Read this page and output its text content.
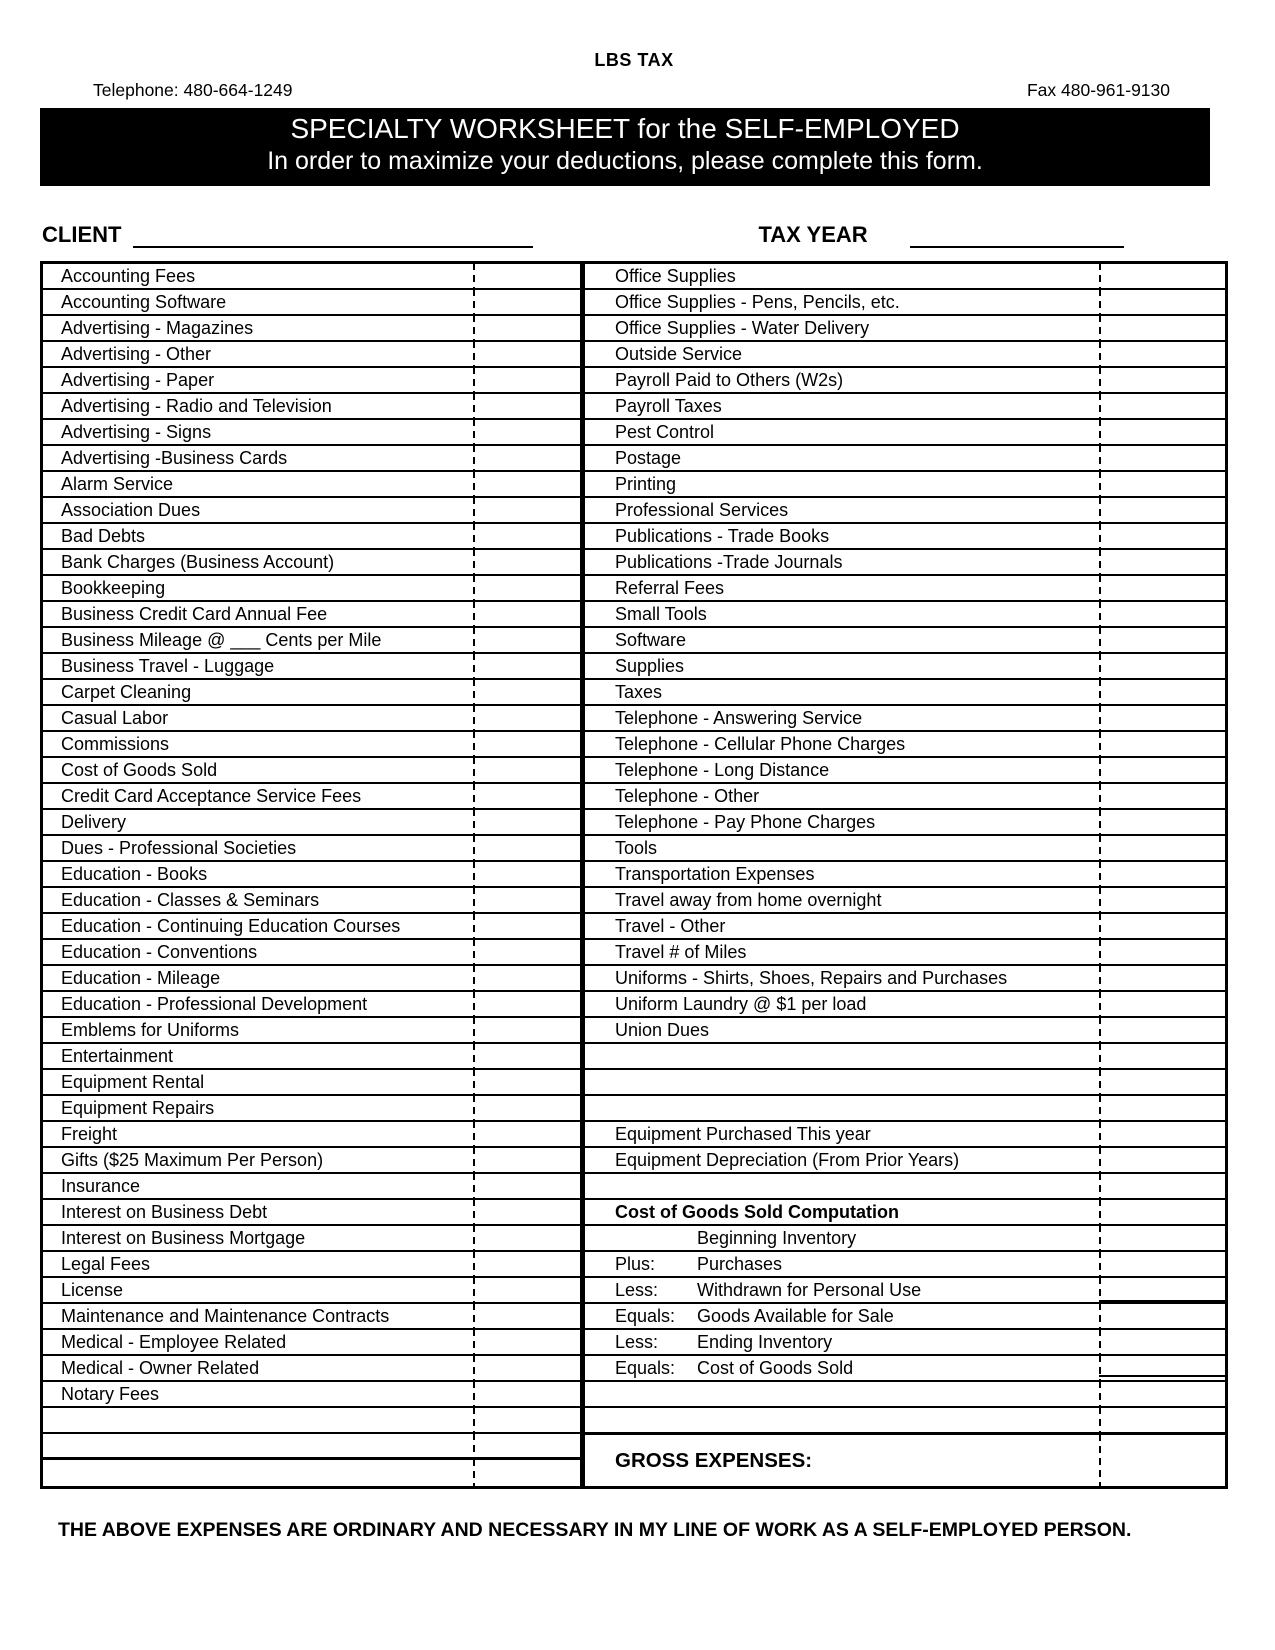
LBS TAX
Telephone: 480-664-1249	Fax 480-961-9130
SPECIALTY WORKSHEET for the SELF-EMPLOYED
In order to maximize your deductions, please complete this form.
CLIENT	TAX YEAR
Accounting Fees
Accounting Software
Advertising - Magazines
Advertising - Other
Advertising - Paper
Advertising - Radio and Television
Advertising - Signs
Advertising -Business Cards
Alarm Service
Association Dues
Bad Debts
Bank Charges (Business Account)
Bookkeeping
Business Credit Card Annual Fee
Business Mileage @ ___ Cents per Mile
Business Travel - Luggage
Carpet Cleaning
Casual Labor
Commissions
Cost of Goods Sold
Credit Card Acceptance Service Fees
Delivery
Dues - Professional Societies
Education - Books
Education - Classes & Seminars
Education - Continuing Education Courses
Education - Conventions
Education - Mileage
Education - Professional Development
Emblems for Uniforms
Entertainment
Equipment Rental
Equipment Repairs
Freight
Gifts ($25 Maximum Per Person)
Insurance
Interest on Business Debt
Interest on Business Mortgage
Legal Fees
License
Maintenance and Maintenance Contracts
Medical - Employee Related
Medical - Owner Related
Notary Fees
Office Supplies
Office Supplies - Pens, Pencils, etc.
Office Supplies - Water Delivery
Outside Service
Payroll Paid to Others (W2s)
Payroll Taxes
Pest Control
Postage
Printing
Professional Services
Publications - Trade Books
Publications -Trade Journals
Referral Fees
Small Tools
Software
Supplies
Taxes
Telephone - Answering Service
Telephone - Cellular Phone Charges
Telephone - Long Distance
Telephone - Other
Telephone - Pay Phone Charges
Tools
Transportation Expenses
Travel away from home overnight
Travel - Other
Travel # of Miles
Uniforms - Shirts, Shoes, Repairs and Purchases
Uniform Laundry @ $1 per load
Union Dues
Equipment Purchased This year
Equipment Depreciation (From Prior Years)
Cost of Goods Sold Computation
Beginning Inventory
Plus:	Purchases
Less:	Withdrawn for Personal Use
Equals:	Goods Available for Sale
Less:	Ending Inventory
Equals:	Cost of Goods Sold
GROSS EXPENSES:
THE ABOVE EXPENSES ARE ORDINARY AND NECESSARY IN MY LINE OF WORK AS A SELF-EMPLOYED PERSON.
